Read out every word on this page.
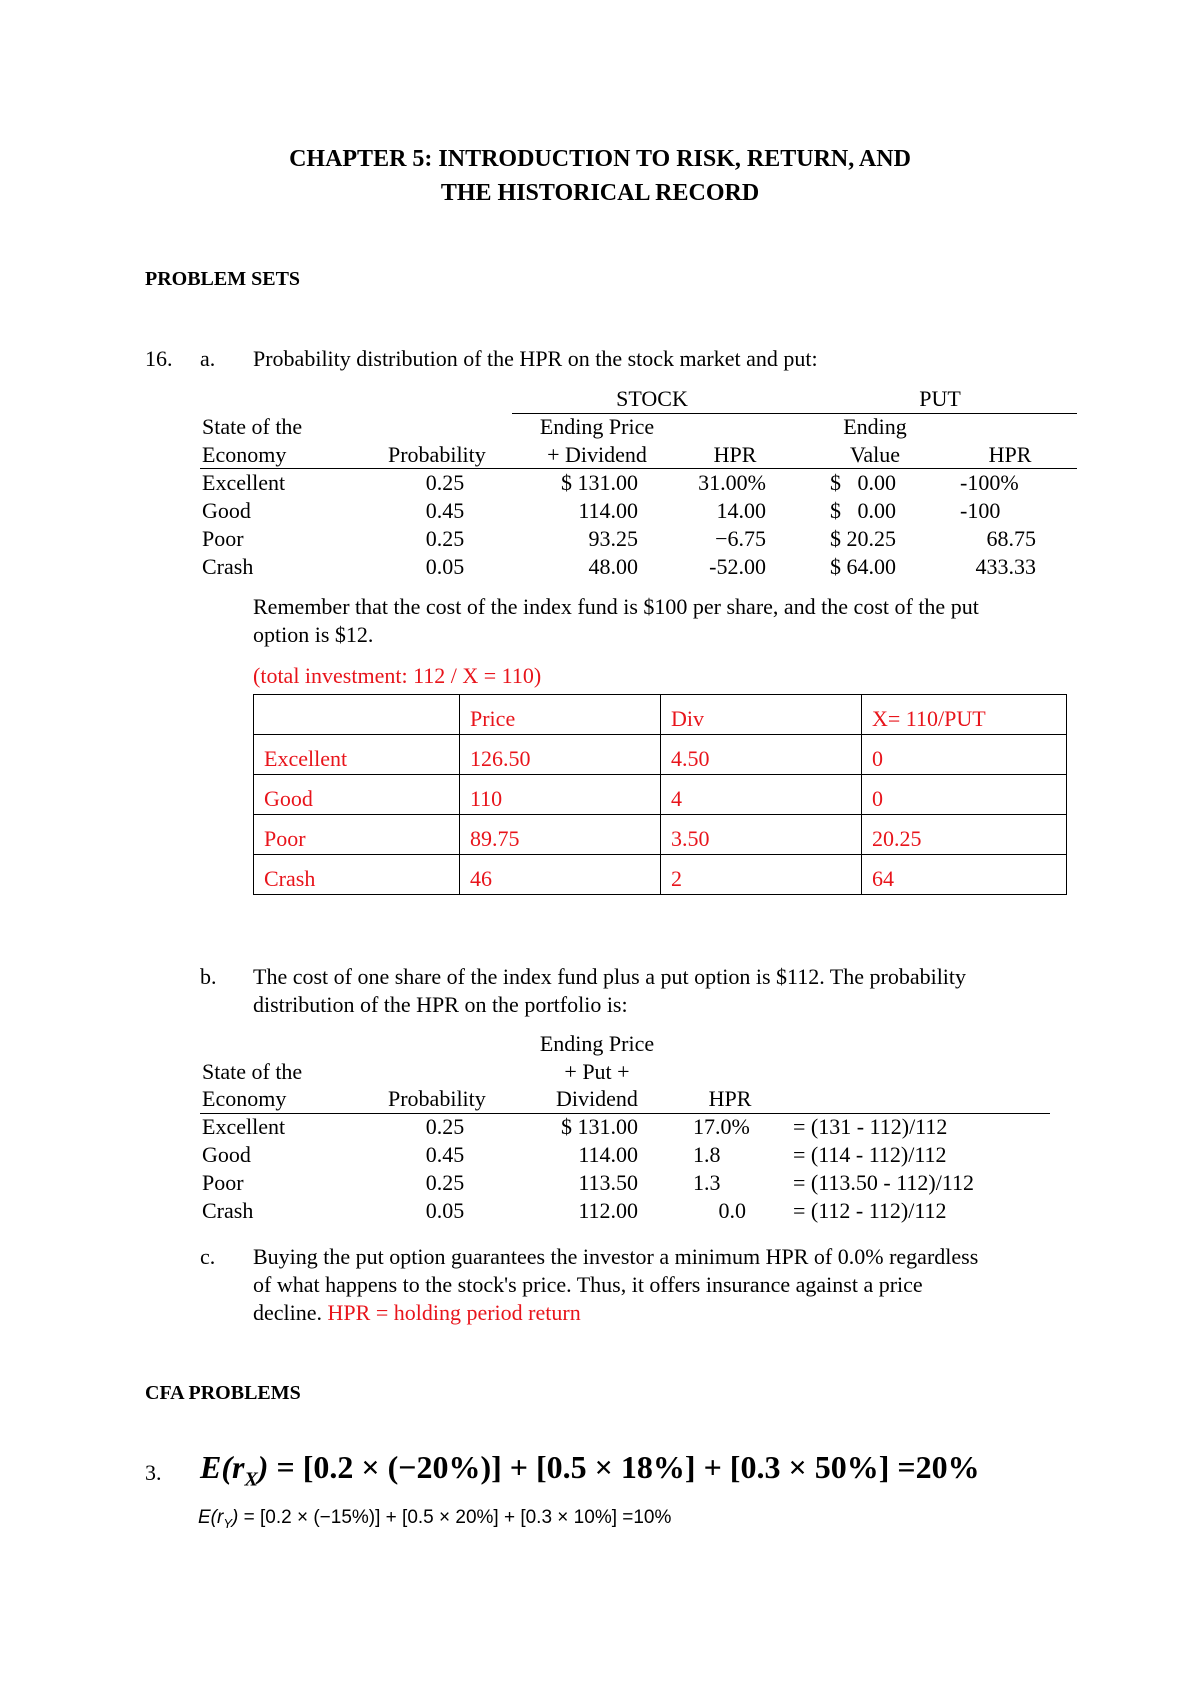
CHAPTER 5: INTRODUCTION TO RISK, RETURN, AND
THE HISTORICAL RECORD
PROBLEM SETS
16. a. Probability distribution of the HPR on the stock market and put:
STOCK	PUT
State of the
Economy	Probability
Ending Price
+ Dividend	HPR
Ending
Value	HPR
Excellent	0.25	$ 131.00	31.00%	$   0.00	-100%
Good	0.45	114.00	14.00	$   0.00	-100
Poor	0.25	93.25	−6.75	$ 20.25	68.75
Crash	0.05	48.00	-52.00	$ 64.00	433.33
Remember that the cost of the index fund is $100 per share, and the cost of the put
option is $12.
(total investment: 112 / X = 110)
	Price	Div	X= 110/PUT
Excellent	126.50	4.50	0
Good	110	4	0
Poor	89.75	3.50	20.25
Crash	46	2	64
b. The cost of one share of the index fund plus a put option is $112. The probability
distribution of the HPR on the portfolio is:
Ending Price
+ Put +
Dividend
State of the
Economy	Probability	HPR
Excellent	0.25	$ 131.00	17.0% = (131 - 112)/112
Good	0.45	114.00	1.8	= (114 - 112)/112
Poor	0.25	113.50	1.3	= (113.50 - 112)/112
Crash	0.05	112.00	0.0 = (112 - 112)/112
c. Buying the put option guarantees the investor a minimum HPR of 0.0% regardless
of what happens to the stock's price. Thus, it offers insurance against a price
decline. HPR = holding period return
CFA PROBLEMS
3. $E(r_X) = [0.2 \times (-20\%)] + [0.5 \times 18\%] + [0.3 \times 50\%] =20\%$
$E(r_Y) = [0.2 \times (-15\%)] + [0.5 \times 20\%] + [0.3 \times 10\%] =10\%$
